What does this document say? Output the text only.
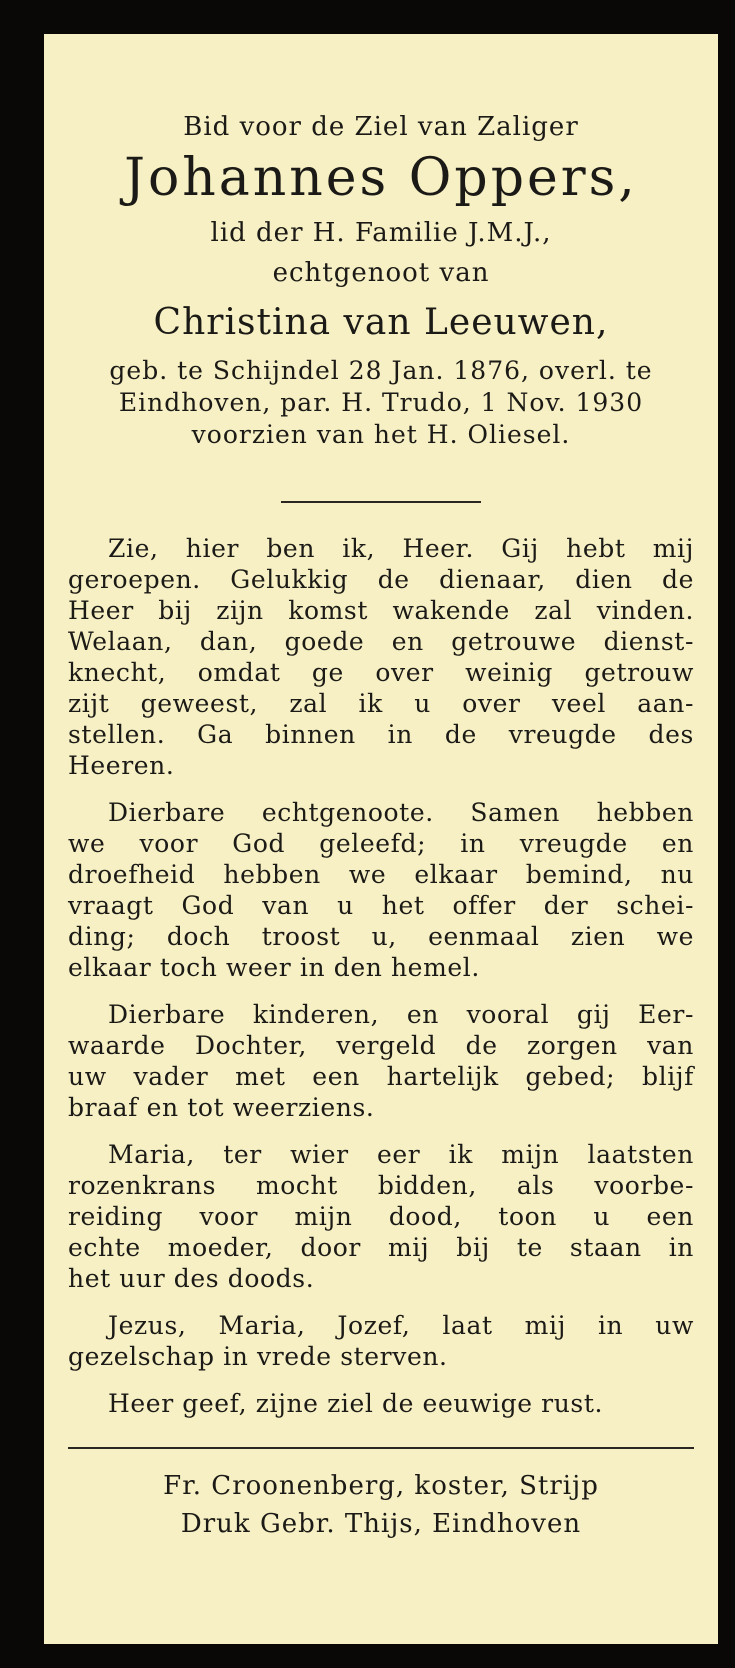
Bid voor de Ziel van Zaliger

Johannes Oppers,

lid der H. Familie J.M.J.,

echtgenoot van

Christina van Leeuwen,

geb. te Schijndel 28 Jan. 1876, overl. te

Eindhoven, par. H. Trudo, 1 Nov. 1930

voorzien van het H. Oliesel.

Zie, hier ben ik, Heer. Gij hebt mij
geroepen. Gelukkig de dienaar, dien de
Heer bij zijn komst wakende zal vinden.
Welaan, dan, goede en getrouwe dienst-
knecht, omdat ge over weinig getrouw
zijt geweest, zal ik u over veel aan-
stellen. Ga binnen in de vreugde des
Heeren.
Dierbare echtgenoote. Samen hebben
we voor God geleefd; in vreugde en
droefheid hebben we elkaar bemind, nu
vraagt God van u het offer der schei-
ding; doch troost u, eenmaal zien we
elkaar toch weer in den hemel.
Dierbare kinderen, en vooral gij Eer-
waarde Dochter, vergeld de zorgen van
uw vader met een hartelijk gebed; blijf
braaf en tot weerziens.
Maria, ter wier eer ik mijn laatsten
rozenkrans mocht bidden, als voorbe-
reiding voor mijn dood, toon u een
echte moeder, door mij bij te staan in
het uur des doods.
Jezus, Maria, Jozef, laat mij in uw
gezelschap in vrede sterven.
Heer geef, zijne ziel de eeuwige rust.

Fr. Croonenberg, koster, Strijp

Druk Gebr. Thijs, Eindhoven
